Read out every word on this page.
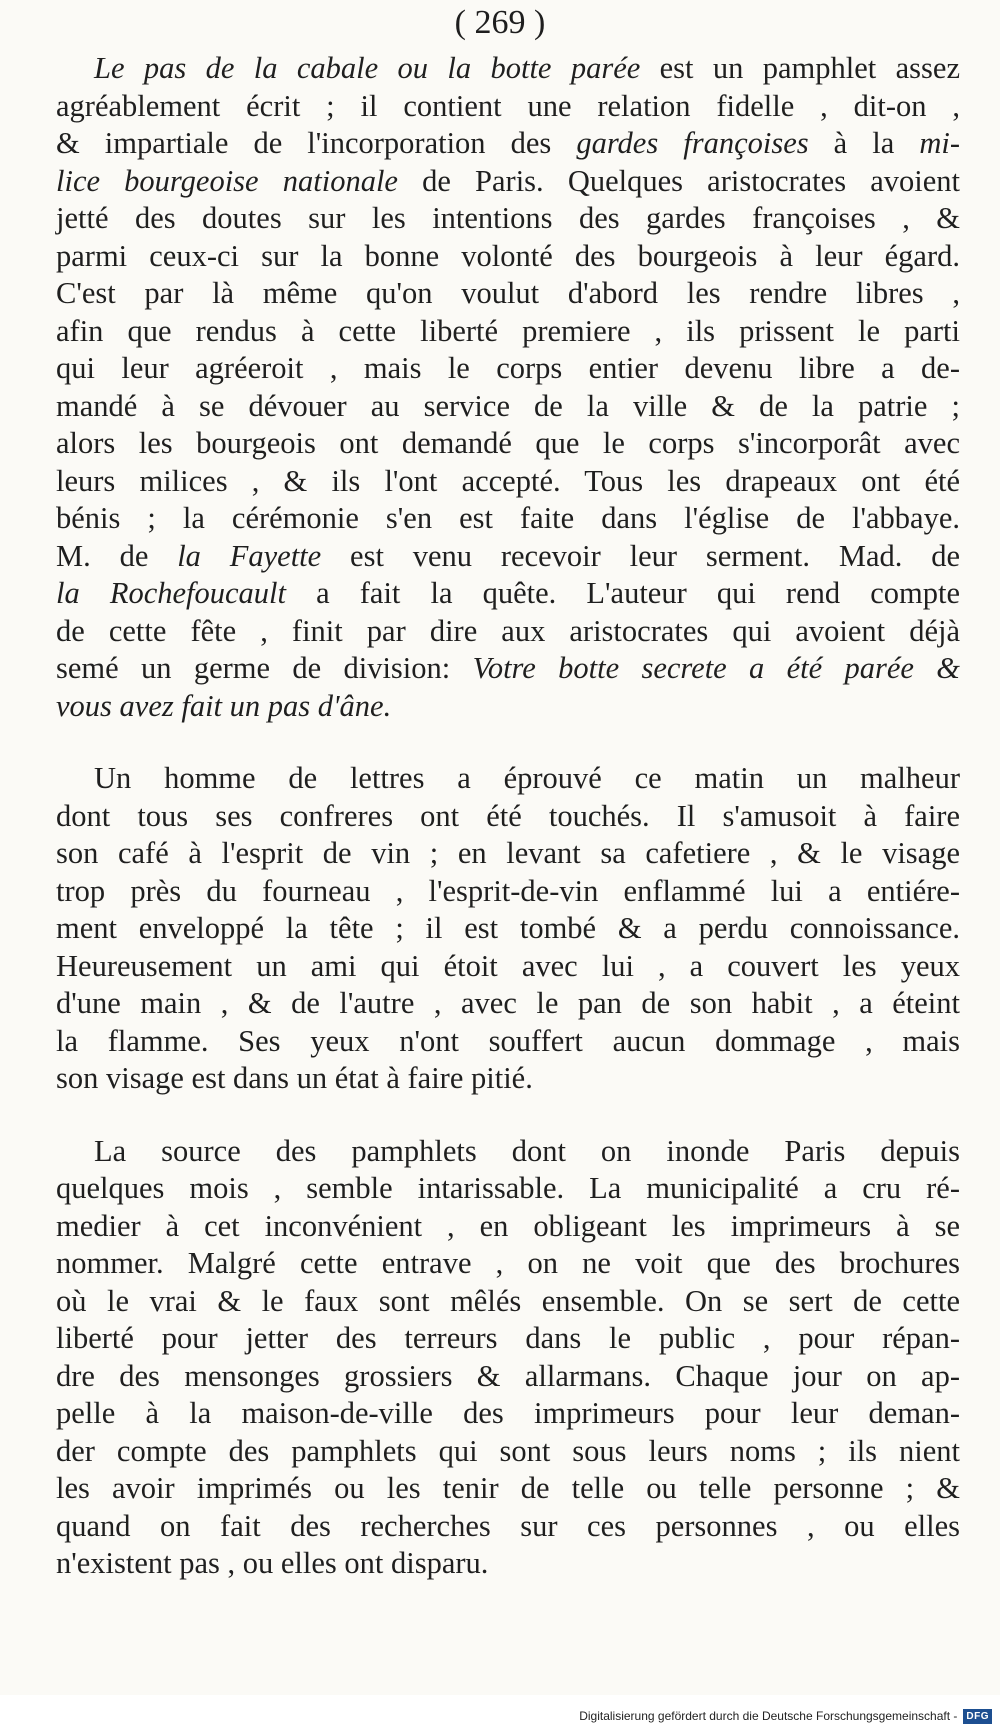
( 269 )
Le pas de la cabale ou la botte parée est un pamphlet assez
agréablement écrit ; il contient une relation fidelle , dit-on ,
& impartiale de l'incorporation des gardes françoises à la mi-
lice bourgeoise nationale de Paris. Quelques aristocrates avoient
jetté des doutes sur les intentions des gardes françoises , &
parmi ceux-ci sur la bonne volonté des bourgeois à leur égard.
C'est par là même qu'on voulut d'abord les rendre libres ,
afin que rendus à cette liberté premiere , ils prissent le parti
qui leur agréeroit , mais le corps entier devenu libre a de-
mandé à se dévouer au service de la ville & de la patrie ;
alors les bourgeois ont demandé que le corps s'incorporât avec
leurs milices , & ils l'ont accepté. Tous les drapeaux ont été
bénis ; la cérémonie s'en est faite dans l'église de l'abbaye.
M. de la Fayette est venu recevoir leur serment. Mad. de
la Rochefoucault a fait la quête. L'auteur qui rend compte
de cette fête , finit par dire aux aristocrates qui avoient déjà
semé un germe de division: Votre botte secrete a été parée &
vous avez fait un pas d'âne.
Un homme de lettres a éprouvé ce matin un malheur
dont tous ses confreres ont été touchés. Il s'amusoit à faire
son café à l'esprit de vin ; en levant sa cafetiere , & le visage
trop près du fourneau , l'esprit-de-vin enflammé lui a entiére-
ment enveloppé la tête ; il est tombé & a perdu connoissance.
Heureusement un ami qui étoit avec lui , a couvert les yeux
d'une main , & de l'autre , avec le pan de son habit , a éteint
la flamme. Ses yeux n'ont souffert aucun dommage , mais
son visage est dans un état à faire pitié.
La source des pamphlets dont on inonde Paris depuis
quelques mois , semble intarissable. La municipalité a cru ré-
medier à cet inconvénient , en obligeant les imprimeurs à se
nommer. Malgré cette entrave , on ne voit que des brochures
où le vrai & le faux sont mêlés ensemble. On se sert de cette
liberté pour jetter des terreurs dans le public , pour répan-
dre des mensonges grossiers & allarmans. Chaque jour on ap-
pelle à la maison-de-ville des imprimeurs pour leur deman-
der compte des pamphlets qui sont sous leurs noms ; ils nient
les avoir imprimés ou les tenir de telle ou telle personne ; &
quand on fait des recherches sur ces personnes , ou elles
n'existent pas , ou elles ont disparu.
Digitalisierung gefördert durch die Deutsche Forschungsgemeinschaft - DFG
